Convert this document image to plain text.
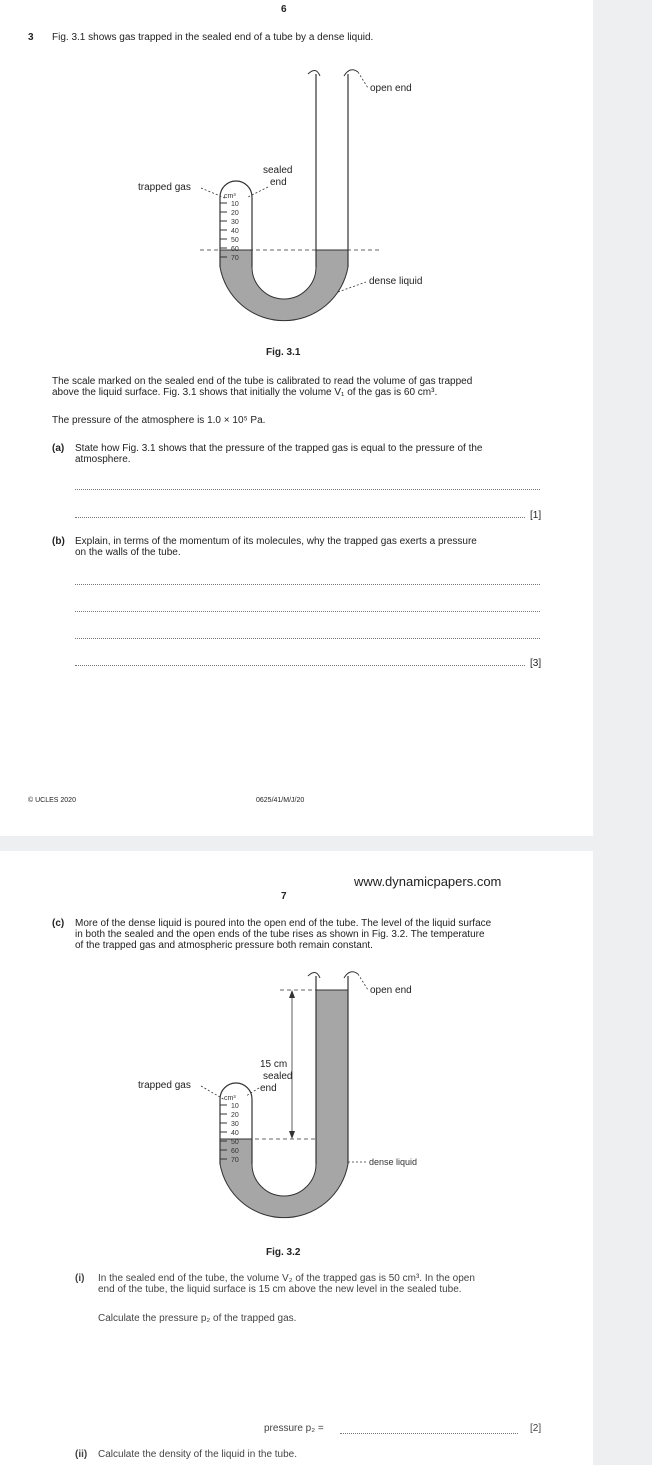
6
3 Fig. 3.1 shows gas trapped in the sealed end of a tube by a dense liquid.
cm³
10
20
30
40
50
60
70
open end
sealed
end
trapped gas
dense liquid
Fig. 3.1
The scale marked on the sealed end of the tube is calibrated to read the volume of gas trapped
above the liquid surface. Fig. 3.1 shows that initially the volume V₁ of the gas is 60 cm³.
The pressure of the atmosphere is 1.0 × 10⁵ Pa.
(a) State how Fig. 3.1 shows that the pressure of the trapped gas is equal to the pressure of the
atmosphere.
[1]
(b) Explain, in terms of the momentum of its molecules, why the trapped gas exerts a pressure
on the walls of the tube.
[3]
© UCLES 2020	0625/41/M/J/20
www.dynamicpapers.com
7
(c) More of the dense liquid is poured into the open end of the tube. The level of the liquid surface
in both the sealed and the open ends of the tube rises as shown in Fig. 3.2. The temperature
of the trapped gas and atmospheric pressure both remain constant.
cm³
10
20
30
40
50
60
70
15 cm
open end
sealed
end
trapped gas
dense liquid
Fig. 3.2
(i) In the sealed end of the tube, the volume V₂ of the trapped gas is 50 cm³. In the open
end of the tube, the liquid surface is 15 cm above the new level in the sealed tube.
Calculate the pressure p₂ of the trapped gas.
pressure p₂ =	[2]
(ii) Calculate the density of the liquid in the tube.
